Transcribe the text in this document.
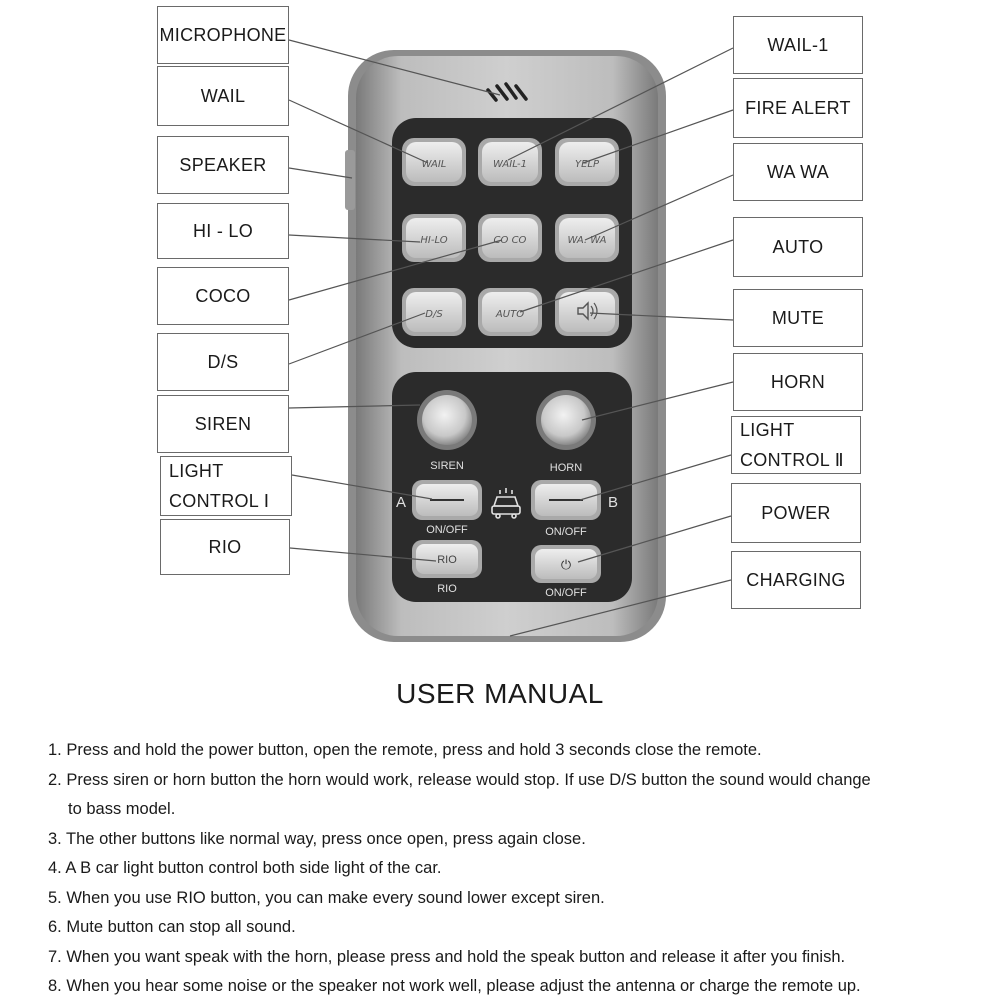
MICROPHONE
WAIL
SPEAKER
HI - LO
COCO
D/S
SIREN
LIGHT
CONTROL Ⅰ
RIO
WAIL-1
FIRE ALERT
WA WA
AUTO
MUTE
HORN
LIGHT
CONTROL Ⅱ
POWER
CHARGING
WAIL	WAIL-1	YELP
HI-LO	CO CO	WA. WA
D/S	AUTO
SIREN	HORN
A	B
ON/OFF	ON/OFF
RIO	⏻
RIO	ON/OFF
USER MANUAL
1. Press and hold the power button, open the remote, press and hold 3 seconds close the remote.
2. Press siren or horn button the horn would work, release would stop. If use D/S button the sound would change
to bass model.
3. The other buttons like normal way, press once open, press again close.
4. A B car light button control both side light of the car.
5. When you use RIO button, you can make every sound lower except siren.
6. Mute button can stop all sound.
7. When you want speak with the horn, please press and hold the speak button and release it after you finish.
8. When you hear some noise or the speaker not work well, please adjust the antenna or charge the remote up.
